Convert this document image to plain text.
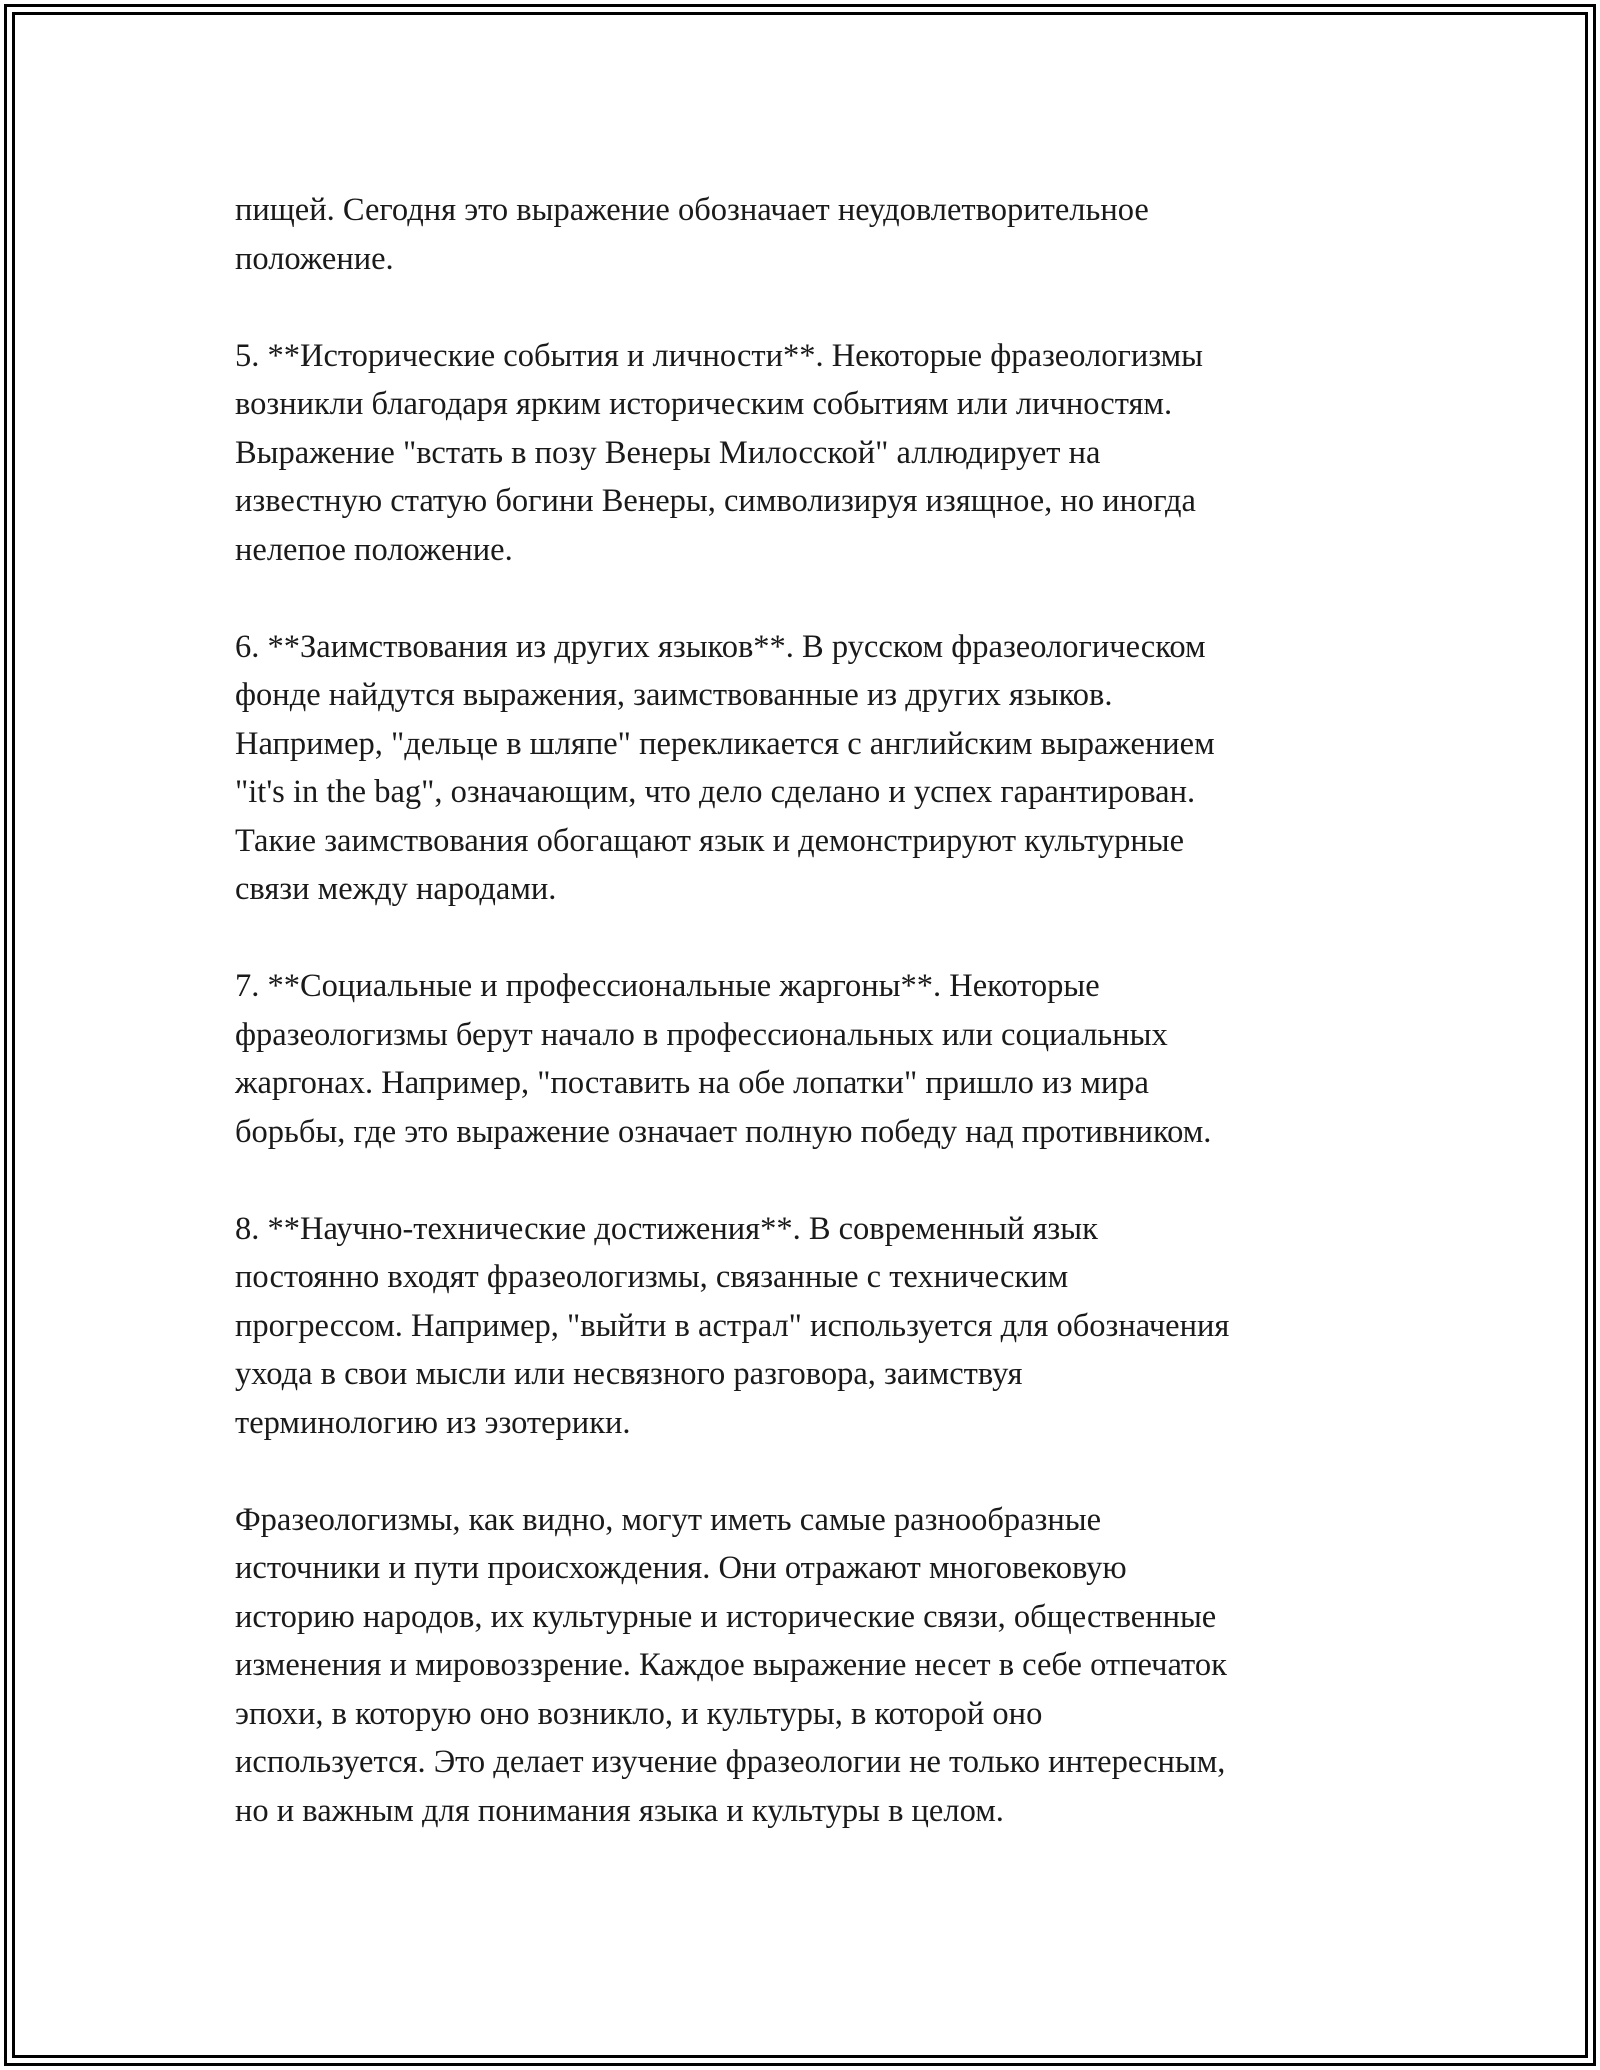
пищей. Сегодня это выражение обозначает неудовлетворительное
положение.

5. **Исторические события и личности**. Некоторые фразеологизмы
возникли благодаря ярким историческим событиям или личностям.
Выражение "встать в позу Венеры Милосской" аллюдирует на
известную статую богини Венеры, символизируя изящное, но иногда
нелепое положение.

6. **Заимствования из других языков**. В русском фразеологическом
фонде найдутся выражения, заимствованные из других языков.
Например, "дельце в шляпе" перекликается с английским выражением
"it's in the bag", означающим, что дело сделано и успех гарантирован.
Такие заимствования обогащают язык и демонстрируют культурные
связи между народами.

7. **Социальные и профессиональные жаргоны**. Некоторые
фразеологизмы берут начало в профессиональных или социальных
жаргонах. Например, "поставить на обе лопатки" пришло из мира
борьбы, где это выражение означает полную победу над противником.

8. **Научно-технические достижения**. В современный язык
постоянно входят фразеологизмы, связанные с техническим
прогрессом. Например, "выйти в астрал" используется для обозначения
ухода в свои мысли или несвязного разговора, заимствуя
терминологию из эзотерики.

Фразеологизмы, как видно, могут иметь самые разнообразные
источники и пути происхождения. Они отражают многовековую
историю народов, их культурные и исторические связи, общественные
изменения и мировоззрение. Каждое выражение несет в себе отпечаток
эпохи, в которую оно возникло, и культуры, в которой оно
используется. Это делает изучение фразеологии не только интересным,
но и важным для понимания языка и культуры в целом.
